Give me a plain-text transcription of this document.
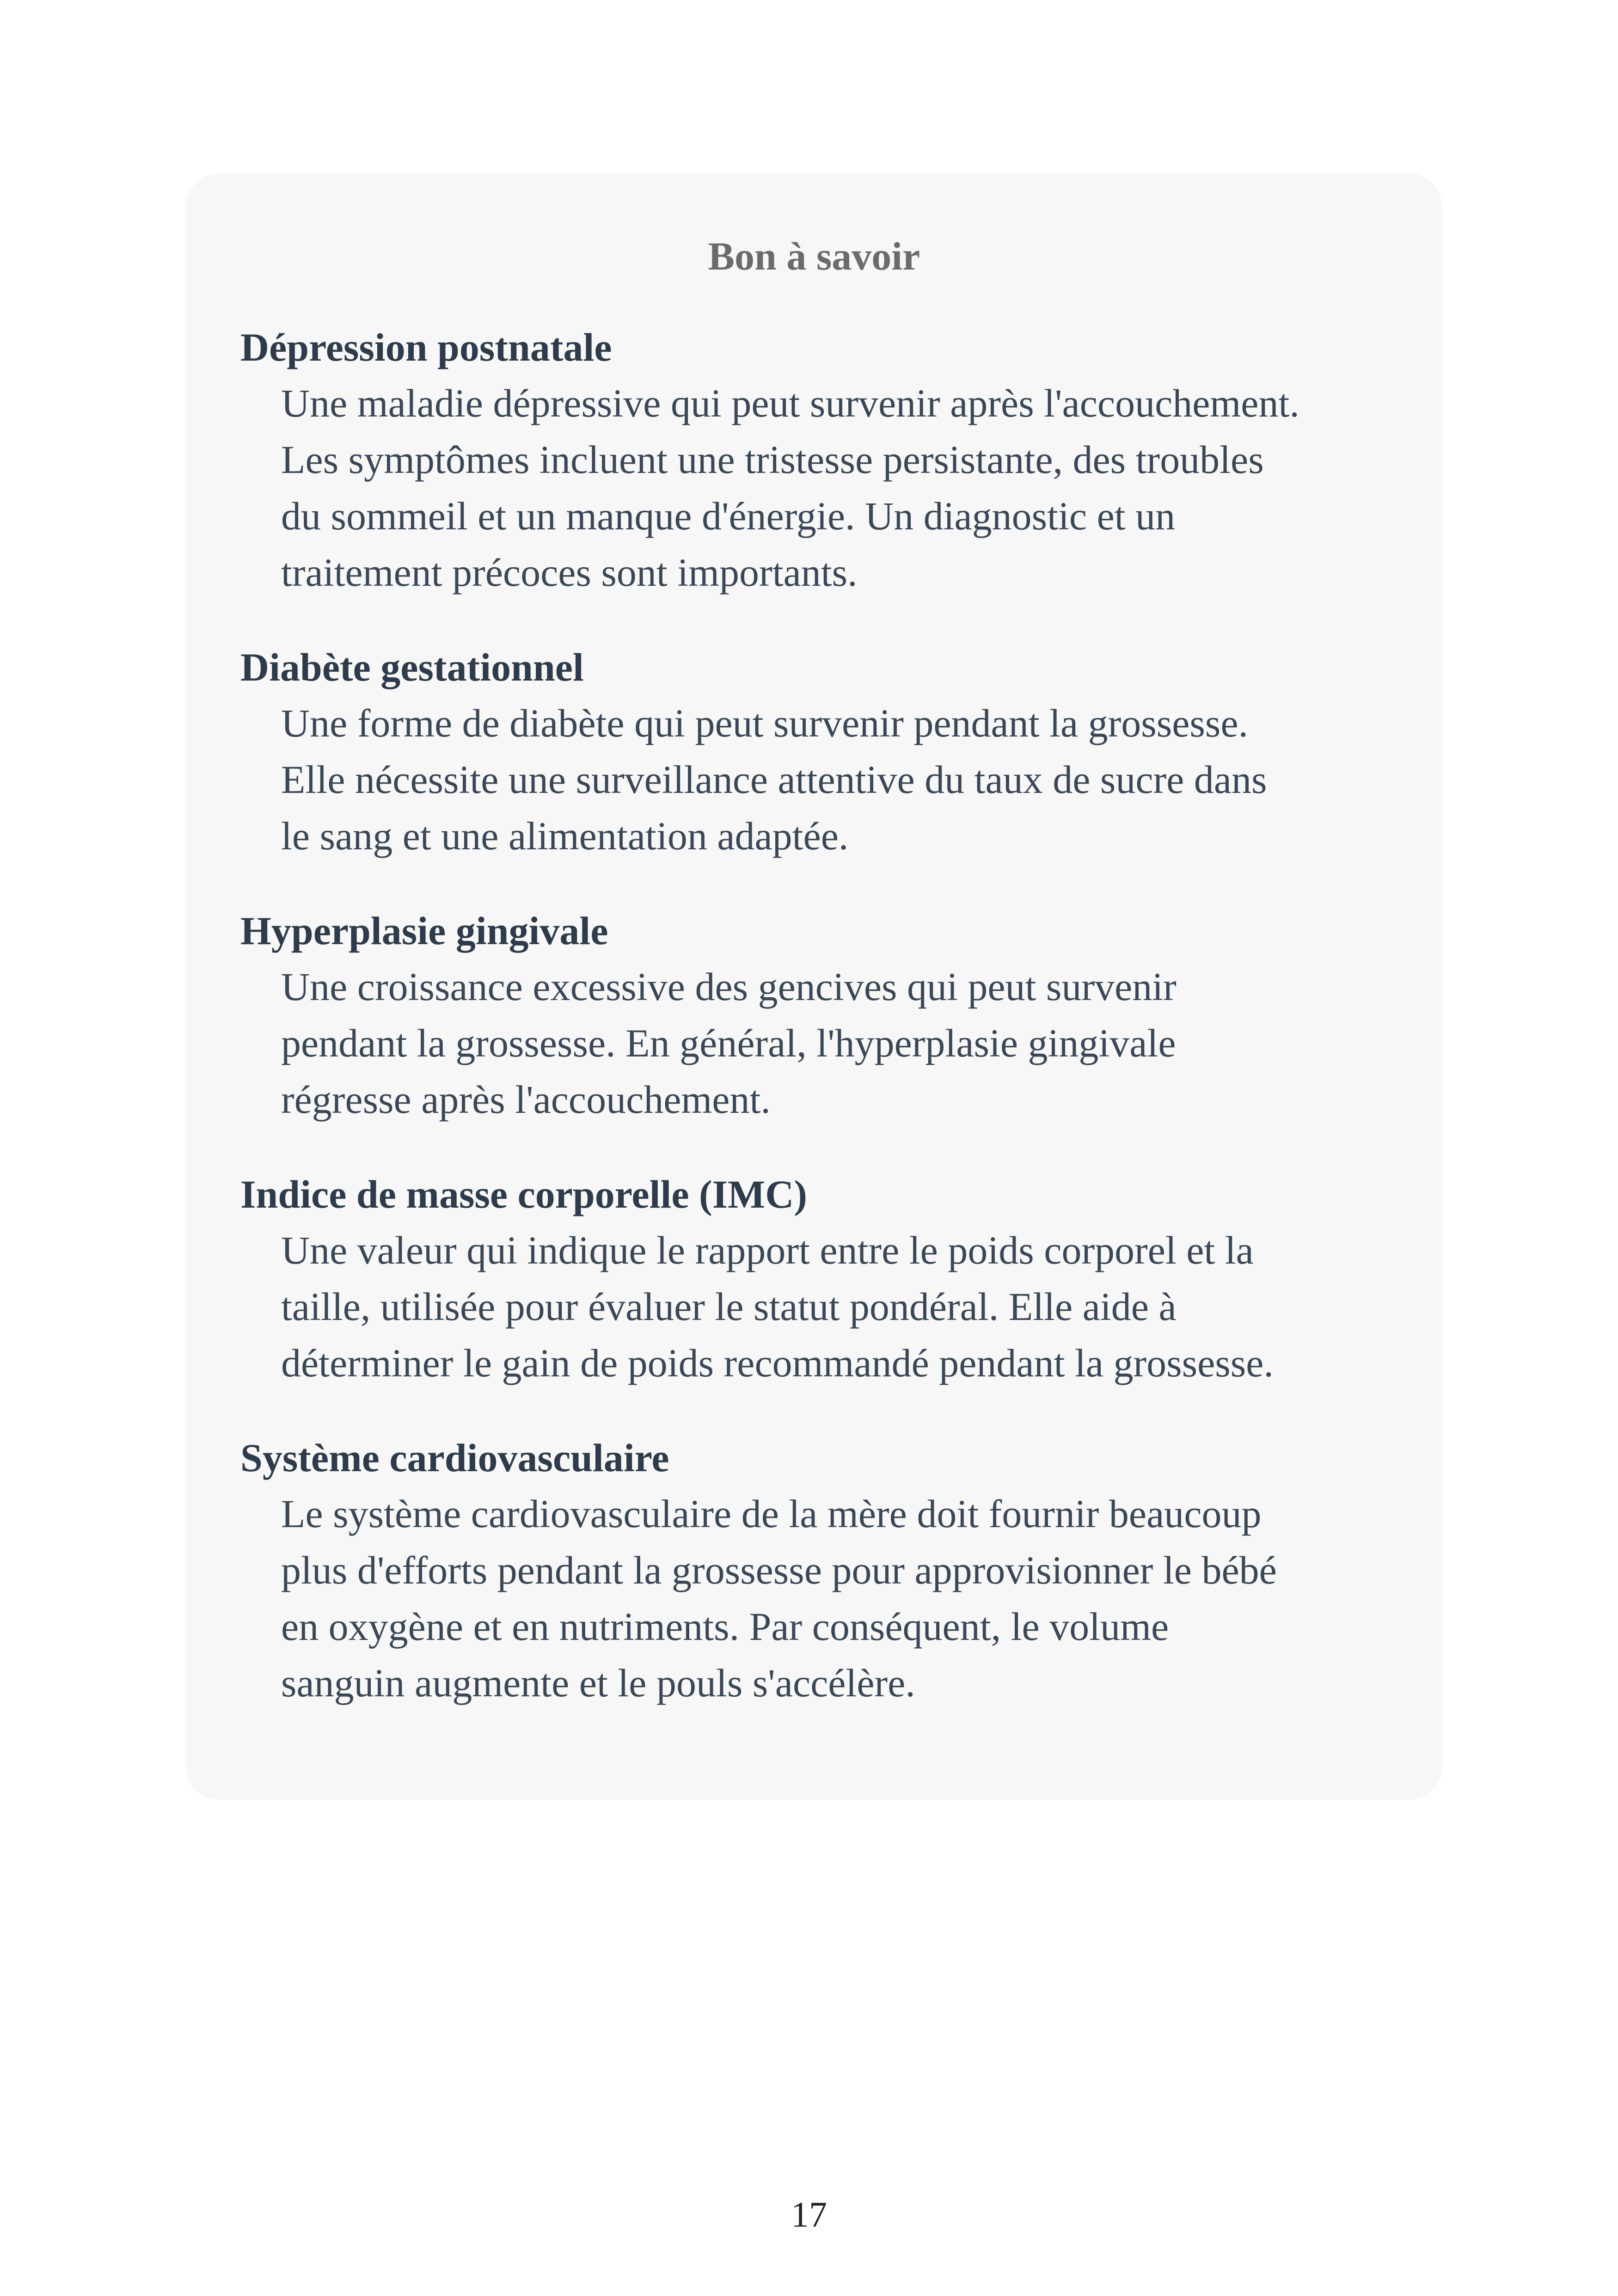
Bon à savoir

Dépression postnatale

Une maladie dépressive qui peut survenir après l'accouchement.
Les symptômes incluent une tristesse persistante, des troubles
du sommeil et un manque d'énergie. Un diagnostic et un
traitement précoces sont importants.

Diabète gestationnel

Une forme de diabète qui peut survenir pendant la grossesse.
Elle nécessite une surveillance attentive du taux de sucre dans
le sang et une alimentation adaptée.

Hyperplasie gingivale

Une croissance excessive des gencives qui peut survenir
pendant la grossesse. En général, l'hyperplasie gingivale
régresse après l'accouchement.

Indice de masse corporelle (IMC)

Une valeur qui indique le rapport entre le poids corporel et la
taille, utilisée pour évaluer le statut pondéral. Elle aide à
déterminer le gain de poids recommandé pendant la grossesse.

Système cardiovasculaire

Le système cardiovasculaire de la mère doit fournir beaucoup
plus d'efforts pendant la grossesse pour approvisionner le bébé
en oxygène et en nutriments. Par conséquent, le volume
sanguin augmente et le pouls s'accélère.
17
